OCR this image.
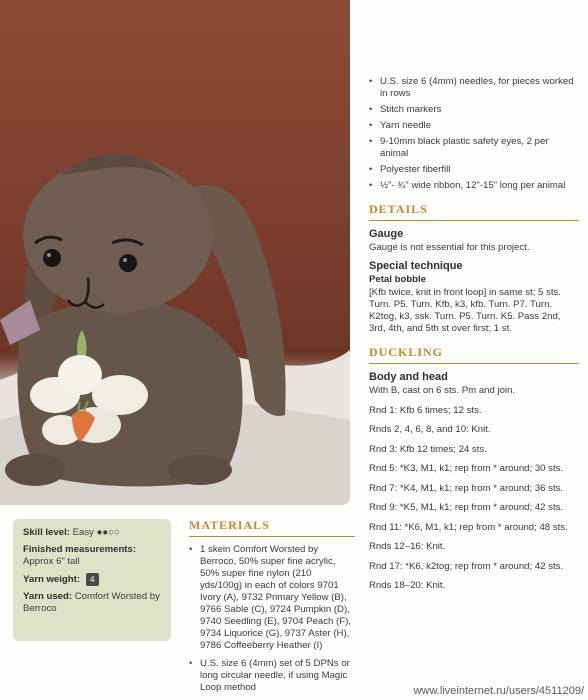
• U.S. size 6 (4mm) needles, for pieces worked in rows
• Stitch markers
• Yarn needle
• 9-10mm black plastic safety eyes, 2 per animal
• Polyester fiberfill
• ½"- ¾" wide ribbon, 12"-15" long per animal
DETAILS
Gauge

Gauge is not essential for this project.

Special technique
Petal bobble

[Kfb twice, knit in front loop] in same st; 5 sts. Turn. P5. Turn. Kfb, k3, kfb. Turn. P7. Turn. K2tog, k3, ssk. Turn. P5. Turn. K5. Pass 2nd, 3rd, 4th, and 5th st over first; 1 st.

DUCKLING
Body and head

With B, cast on 6 sts. Pm and join.

Rnd 1: Kfb 6 times; 12 sts.

Rnds 2, 4, 6, 8, and 10: Knit.

Rnd 3: Kfb 12 times; 24 sts.

Rnd 5: *K3, M1, k1; rep from * around; 30 sts.

Rnd 7: *K4, M1, k1; rep from * around; 36 sts.

Rnd 9: *K5, M1, k1; rep from * around; 42 sts.

Rnd 11: *K6, M1, k1; rep from * around; 48 sts.

Rnds 12–16: Knit.

Rnd 17: *K6, k2tog; rep from * around; 42 sts.

Rnds 18–20: Knit.

Skill level: Easy ●●○○
Finished measurements:
Approx 6" tall
Yarn weight: 4
Yarn used: Comfort Worsted by Berroco
MATERIALS
• 1 skein Comfort Worsted by Berroco, 50% super fine acrylic, 50% super fine nylon (210 yds/100g) in each of colors 9701 Ivory (A), 9732 Primary Yellow (B), 9766 Sable (C), 9724 Pumpkin (D), 9740 Seedling (E), 9704 Peach (F), 9734 Liquorice (G), 9737 Aster (H), 9786 Coffeeberry Heather (I)
• U.S. size 6 (4mm) set of 5 DPNs or long circular needle, if using Magic Loop method	www.liveinternet.ru/users/4511209/
